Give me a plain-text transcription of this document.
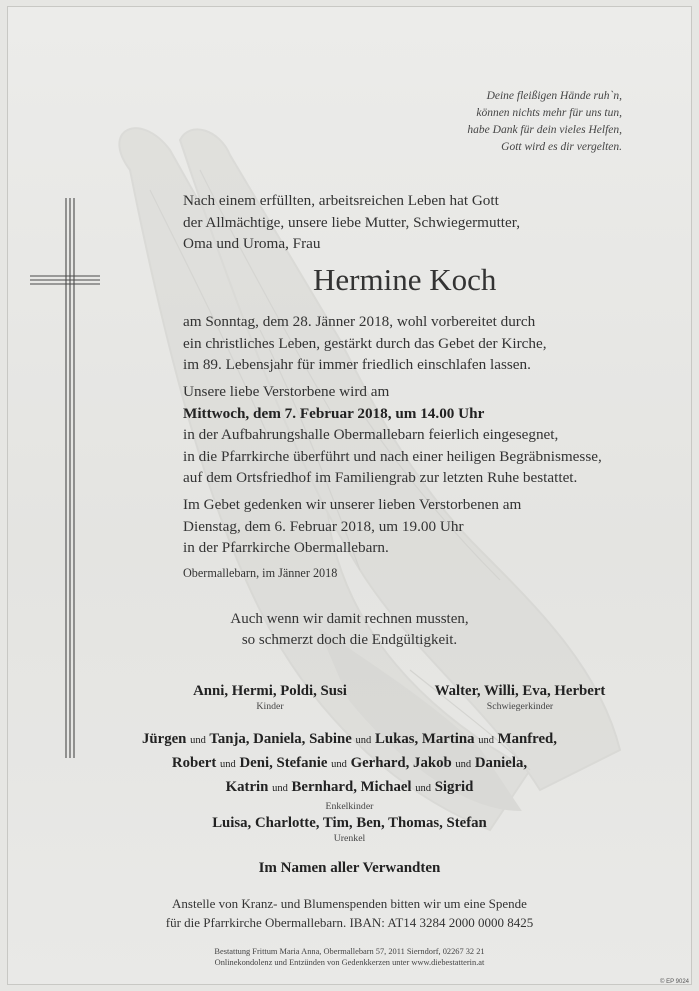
Deine fleißigen Hände ruh`n,
können nichts mehr für uns tun,
habe Dank für dein vieles Helfen,
Gott wird es dir vergelten.
Nach einem erfüllten, arbeitsreichen Leben hat Gott
der Allmächtige, unsere liebe Mutter, Schwiegermutter,
Oma und Uroma, Frau
Hermine Koch
am Sonntag, dem 28. Jänner 2018, wohl vorbereitet durch
ein christliches Leben, gestärkt durch das Gebet der Kirche,
im 89. Lebensjahr für immer friedlich einschlafen lassen.
Unsere liebe Verstorbene wird am
Mittwoch, dem 7. Februar 2018, um 14.00 Uhr
in der Aufbahrungshalle Obermallebarn feierlich eingesegnet,
in die Pfarrkirche überführt und nach einer heiligen Begräbnismesse,
auf dem Ortsfriedhof im Familiengrab zur letzten Ruhe bestattet.
Im Gebet gedenken wir unserer lieben Verstorbenen am
Dienstag, dem 6. Februar 2018, um 19.00 Uhr
in der Pfarrkirche Obermallebarn.
Obermallebarn, im Jänner 2018
Auch wenn wir damit rechnen mussten,
so schmerzt doch die Endgültigkeit.
Anni, Hermi, Poldi, Susi
Kinder
Walter, Willi, Eva, Herbert
Schwiegerkinder
Jürgen und Tanja, Daniela, Sabine und Lukas, Martina und Manfred,
Robert und Deni, Stefanie und Gerhard, Jakob und Daniela,
Katrin und Bernhard, Michael und Sigrid
Enkelkinder
Luisa, Charlotte, Tim, Ben, Thomas, Stefan
Urenkel
Im Namen aller Verwandten
Anstelle von Kranz- und Blumenspenden bitten wir um eine Spende
für die Pfarrkirche Obermallebarn. IBAN: AT14 3284 2000 0000 8425
Bestattung Frittum Maria Anna, Obermallebarn 57, 2011 Sierndorf, 02267 32 21
Onlinekondolenz und Entzünden von Gedenkkerzen unter www.diebestatterin.at
© EP 9024
